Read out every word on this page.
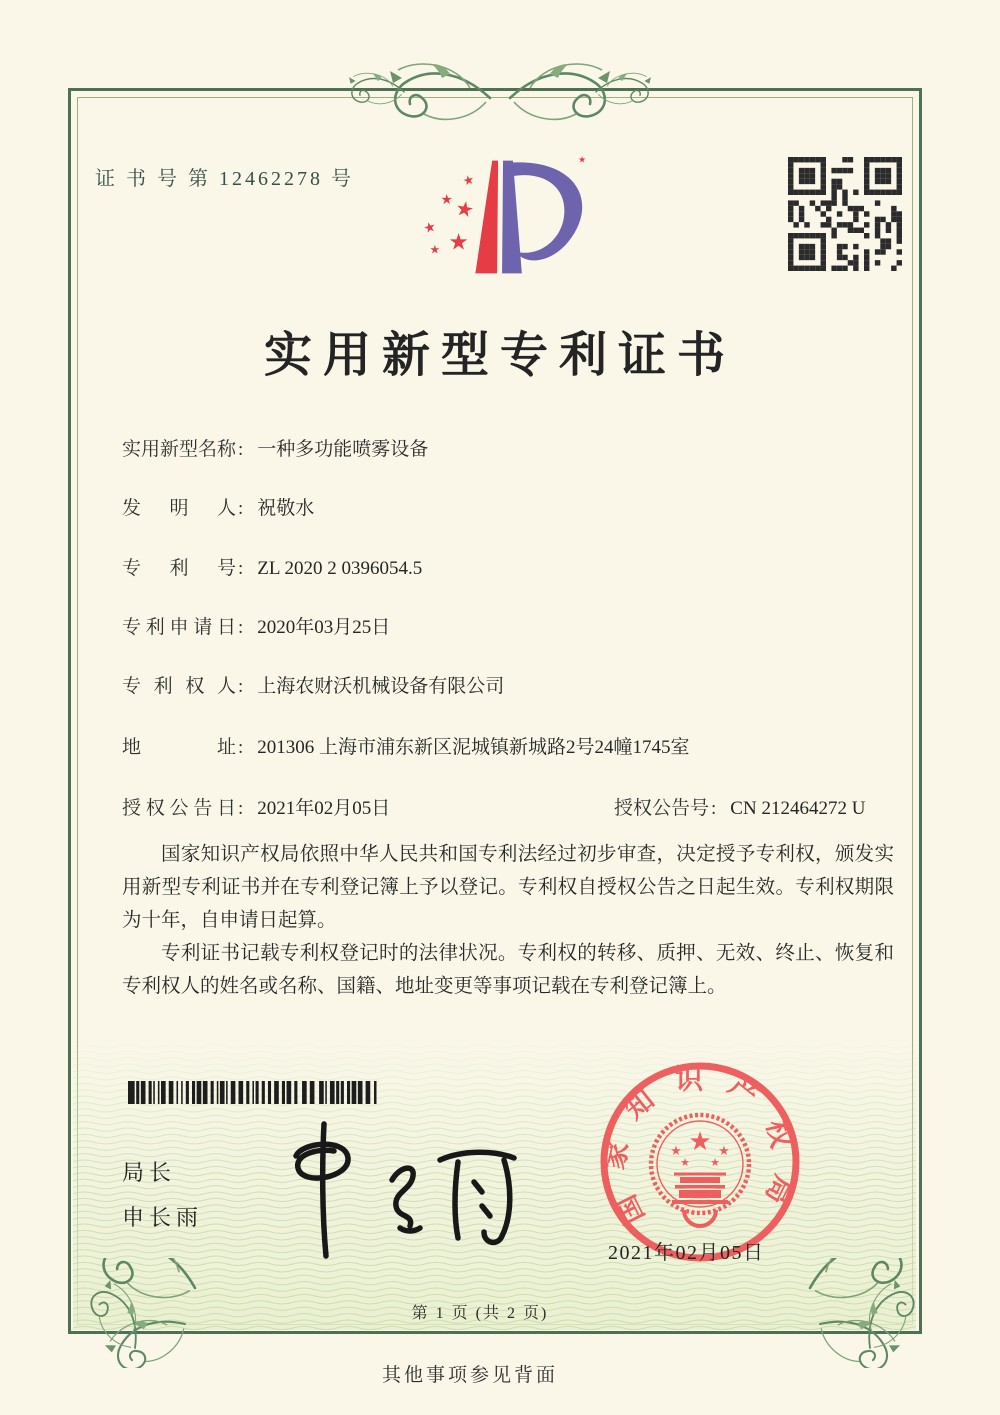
证 书 号 第 12462278 号	★
★ ★
★
★
★
★
实用新型专利证书
实用新型名称 : 一种多功能喷雾设备
发明人 : 祝敬水
专利号 : ZL 2020 2 0396054.5
专利申请日 : 2020年03月25日
专利权人 : 上海农财沃机械设备有限公司
地址 : 201306 上海市浦东新区泥城镇新城路2号24幢1745室
授权公告日 : 2021年02月05日	授权公告号 : CN 212464272 U

国家知识产权局依照中华人民共和国专利法经过初步审查，决定授予专利权，颁发实用新型专利证书并在专利登记簿上予以登记。专利权自授权公告之日起生效。专利权期限为十年，自申请日起算。

专利证书记载专利权登记时的法律状况。专利权的转移、质押、无效、终止、恢复和专利权人的姓名或名称、国籍、地址变更等事项记载在专利登记簿上。

局长
申长雨	国家知识产权局
★
★	★
★ ★
2021年02月05日
第 1 页 (共 2 页)
其他事项参见背面
